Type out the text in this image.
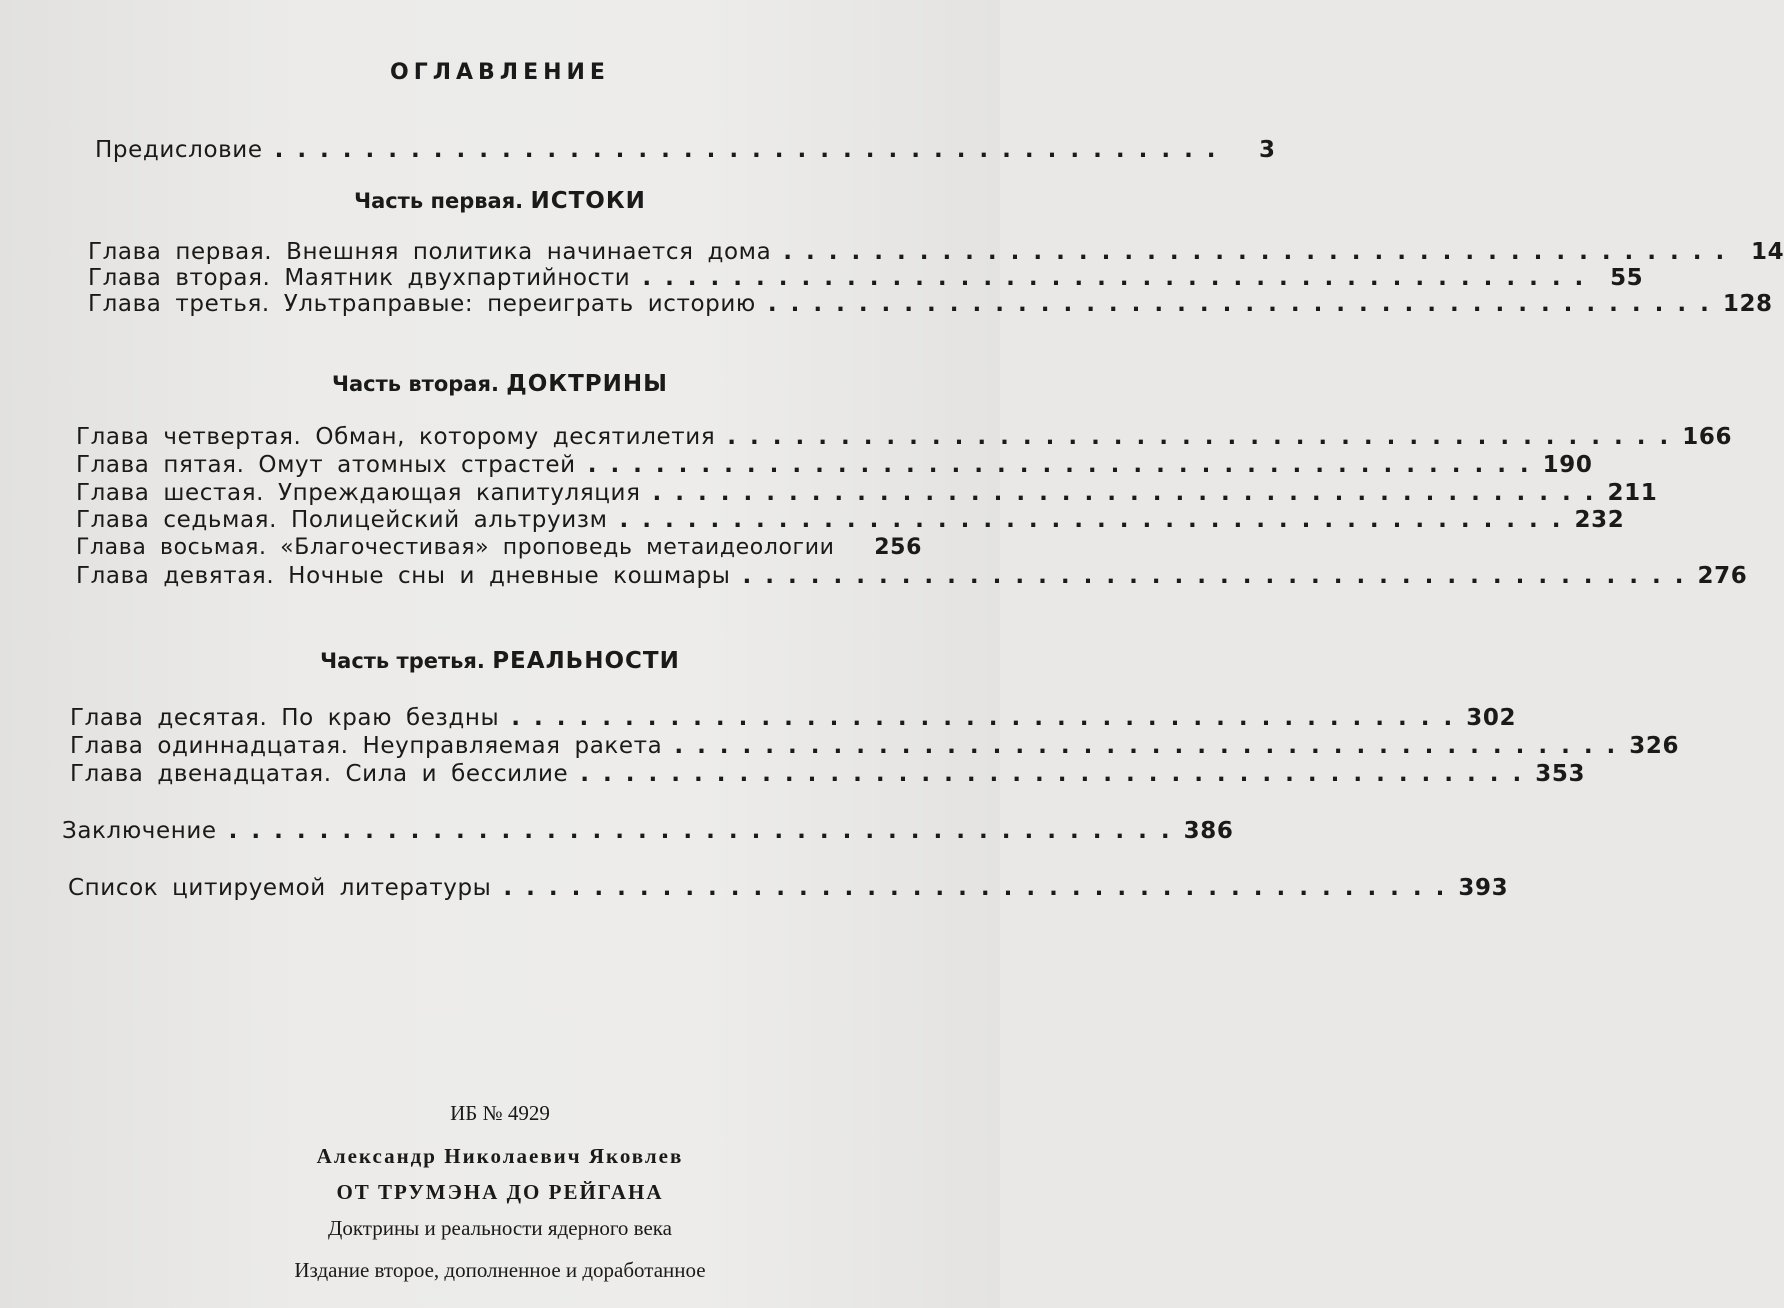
ОГЛАВЛЕНИЕ
Предисловие ..........................................	3
Часть первая. ИСТОКИ
Глава первая. Внешняя политика начинается дома .......................................... 14
Глава вторая. Маятник двухпартийности .......................................... 55
Глава третья. Ультраправые: переиграть историю .......................................... 128
Часть вторая. ДОКТРИНЫ
Глава четвертая. Обман, которому десятилетия .......................................... 166
Глава пятая. Омут атомных страстей .......................................... 190
Глава шестая. Упреждающая капитуляция .......................................... 211
Глава седьмая. Полицейский альтруизм .......................................... 232
Глава восьмая. «Благочестивая» проповедь метаидеологии 256
Глава девятая. Ночные сны и дневные кошмары .......................................... 276
Часть третья. РЕАЛЬНОСТИ
Глава десятая. По краю бездны .......................................... 302
Глава одиннадцатая. Неуправляемая ракета .......................................... 326
Глава двенадцатая. Сила и бессилие .......................................... 353
Заключение .......................................... 386
Список цитируемой литературы .......................................... 393
ИБ № 4929
Александр Николаевич Яковлев
ОТ ТРУМЭНА ДО РЕЙГАНА
Доктрины и реальности ядерного века
Издание второе, дополненное и доработанное
